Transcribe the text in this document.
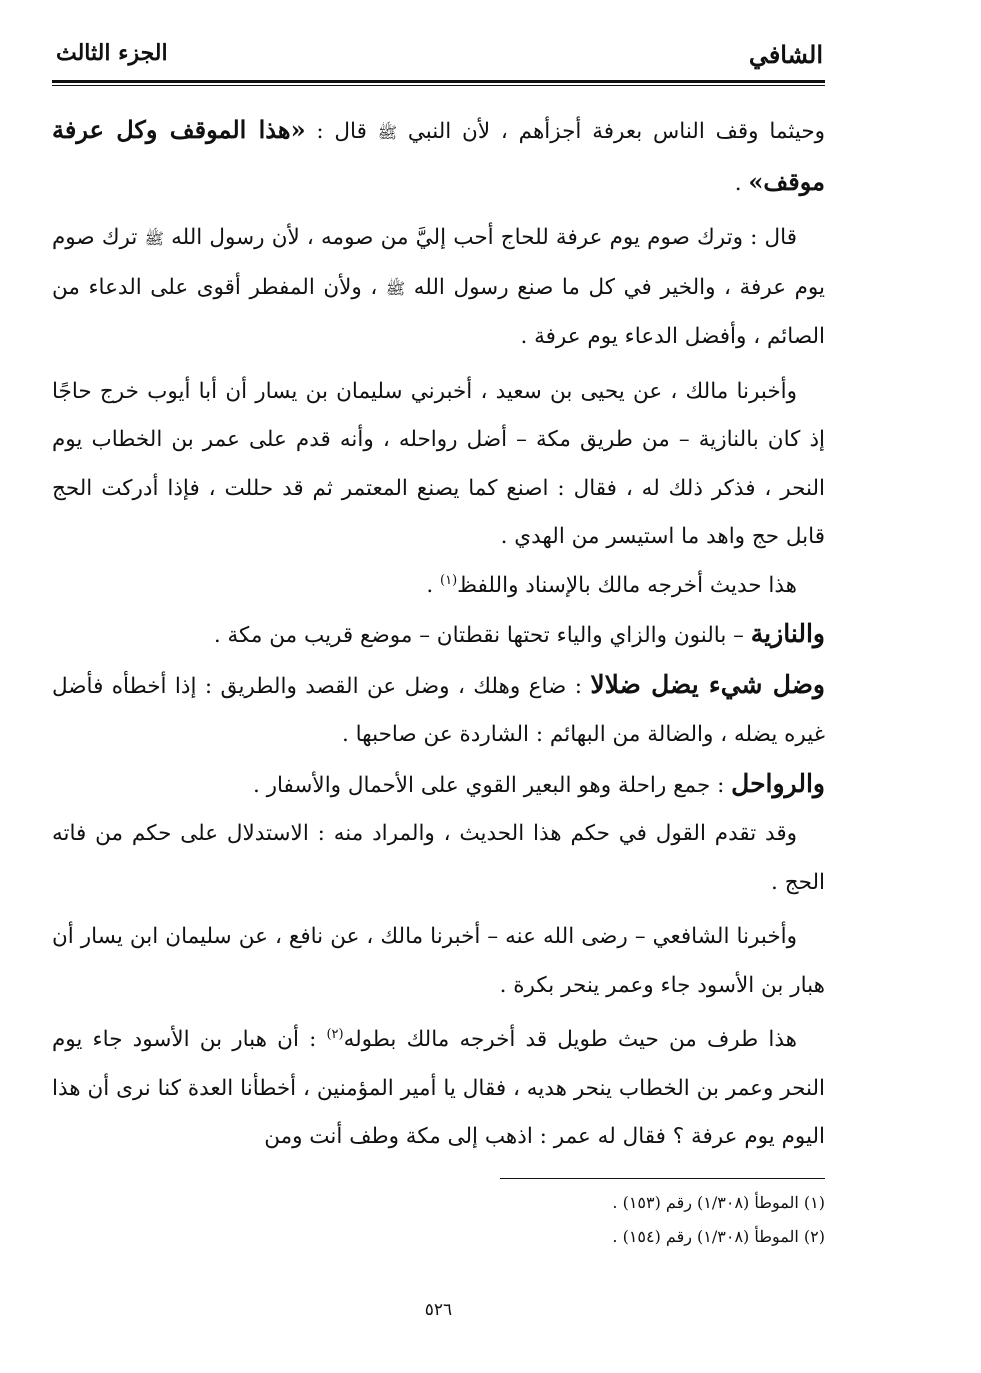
الشافي
الجزء الثالث

وحيثما وقف الناس بعرفة أجزأهم ، لأن النبي ﷺ قال : «هذا الموقف وكل عرفة موقف» .

قال : وترك صوم يوم عرفة للحاج أحب إليَّ من صومه ، لأن رسول الله ﷺ ترك صوم يوم عرفة ، والخير في كل ما صنع رسول الله ﷺ ، ولأن المفطر أقوى على الدعاء من الصائم ، وأفضل الدعاء يوم عرفة .

وأخبرنا مالك ، عن يحيى بن سعيد ، أخبرني سليمان بن يسار أن أبا أيوب خرج حاجًا إذ كان بالنازية – من طريق مكة – أضل رواحله ، وأنه قدم على عمر بن الخطاب يوم النحر ، فذكر ذلك له ، فقال : اصنع كما يصنع المعتمر ثم قد حللت ، فإذا أدركت الحج قابل حج واهد ما استيسر من الهدي .

هذا حديث أخرجه مالك بالإسناد واللفظ$^{(١)}$ .

والنازية – بالنون والزاي والياء تحتها نقطتان – موضع قريب من مكة .

وضل شيء يضل ضلالا : ضاع وهلك ، وضل عن القصد والطريق : إذا أخطأه فأضل غيره يضله ، والضالة من البهائم : الشاردة عن صاحبها .

والرواحل : جمع راحلة وهو البعير القوي على الأحمال والأسفار .

وقد تقدم القول في حكم هذا الحديث ، والمراد منه : الاستدلال على حكم من فاته الحج .

وأخبرنا الشافعي – رضى الله عنه – أخبرنا مالك ، عن نافع ، عن سليمان ابن يسار أن هبار بن الأسود جاء وعمر ينحر بكرة .

هذا طرف من حيث طويل قد أخرجه مالك بطوله$^{(٢)}$ : أن هبار بن الأسود جاء يوم النحر وعمر بن الخطاب ينحر هديه ، فقال يا أمير المؤمنين ، أخطأنا العدة كنا نرى أن هذا اليوم يوم عرفة ؟ فقال له عمر : اذهب إلى مكة وطف أنت ومن

(١) الموطأ (١/٣٠٨) رقم (١٥٣) .

(٢) الموطأ (١/٣٠٨) رقم (١٥٤) .

٥٢٦
